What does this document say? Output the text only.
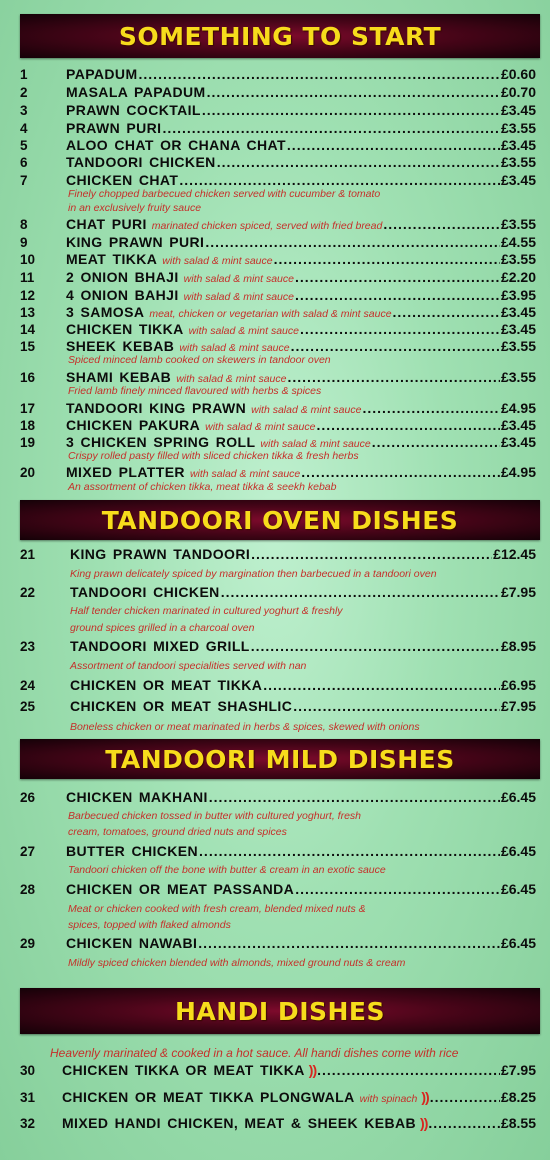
SOMETHING TO START
1	PAPADUM .....	£0.60
2	MASALA PAPADUM .....	£0.70
3	PRAWN COCKTAIL .....	£3.45
4	PRAWN PURI .....	£3.55
5	ALOO CHAT OR CHANA CHAT .....	£3.45
6	TANDOORI CHICKEN .....	£3.55
7	CHICKEN CHAT .....	£3.45
Finely chopped barbecued chicken served with cucumber & tomato
in an exclusively fruity sauce
8	CHAT PURI marinated chicken spiced, served with fried bread .....	£3.55
9	KING PRAWN PURI .....	£4.55
10	MEAT TIKKA with salad & mint sauce .....	£3.55
11	2 ONION BHAJI with salad & mint sauce .....	£2.20
12	4 ONION BAHJI with salad & mint sauce .....	£3.95
13	3 SAMOSA meat, chicken or vegetarian with salad & mint sauce .....	£3.45
14	CHICKEN TIKKA with salad & mint sauce .....	£3.45
15	SHEEK KEBAB with salad & mint sauce .....	£3.55
Spiced minced lamb cooked on skewers in tandoor oven
16	SHAMI KEBAB with salad & mint sauce .....	£3.55
Fried lamb finely minced flavoured with herbs & spices
17	TANDOORI KING PRAWN with salad & mint sauce .....	£4.95
18	CHICKEN PAKURA with salad & mint sauce .....	£3.45
19	3 CHICKEN SPRING ROLL with salad & mint sauce .....	£3.45
Crispy rolled pasty filled with sliced chicken tikka & fresh herbs
20	MIXED PLATTER with salad & mint sauce .....	£4.95
An assortment of chicken tikka, meat tikka & seekh kebab
TANDOORI OVEN DISHES
21	KING PRAWN TANDOORI .....	£12.45
King prawn delicately spiced by margination then barbecued in a tandoori oven
22	TANDOORI CHICKEN .....	£7.95
Half tender chicken marinated in cultured yoghurt & freshly
ground spices grilled in a charcoal oven
23	TANDOORI MIXED GRILL .....	£8.95
Assortment of tandoori specialities served with nan
24	CHICKEN OR MEAT TIKKA .....	£6.95
25	CHICKEN OR MEAT SHASHLIC .....	£7.95
Boneless chicken or meat marinated in herbs & spices, skewed with onions
TANDOORI MILD DISHES
26	CHICKEN MAKHANI .....	£6.45
Barbecued chicken tossed in butter with cultured yoghurt, fresh
cream, tomatoes, ground dried nuts and spices
27	BUTTER CHICKEN .....	£6.45
Tandoori chicken off the bone with butter & cream in an exotic sauce
28	CHICKEN OR MEAT PASSANDA .....	£6.45
Meat or chicken cooked with fresh cream, blended mixed nuts &
spices, topped with flaked almonds
29	CHICKEN NAWABI .....	£6.45
Mildly spiced chicken blended with almonds, mixed ground nuts & cream
HANDI DISHES
Heavenly marinated & cooked in a hot sauce. All handi dishes come with rice
30	CHICKEN TIKKA OR MEAT TIKKA )) .....	£7.95
31	CHICKEN OR MEAT TIKKA PLONGWALA with spinach )) .....	£8.25
32	MIXED HANDI CHICKEN, MEAT & SHEEK KEBAB )) .....	£8.55
